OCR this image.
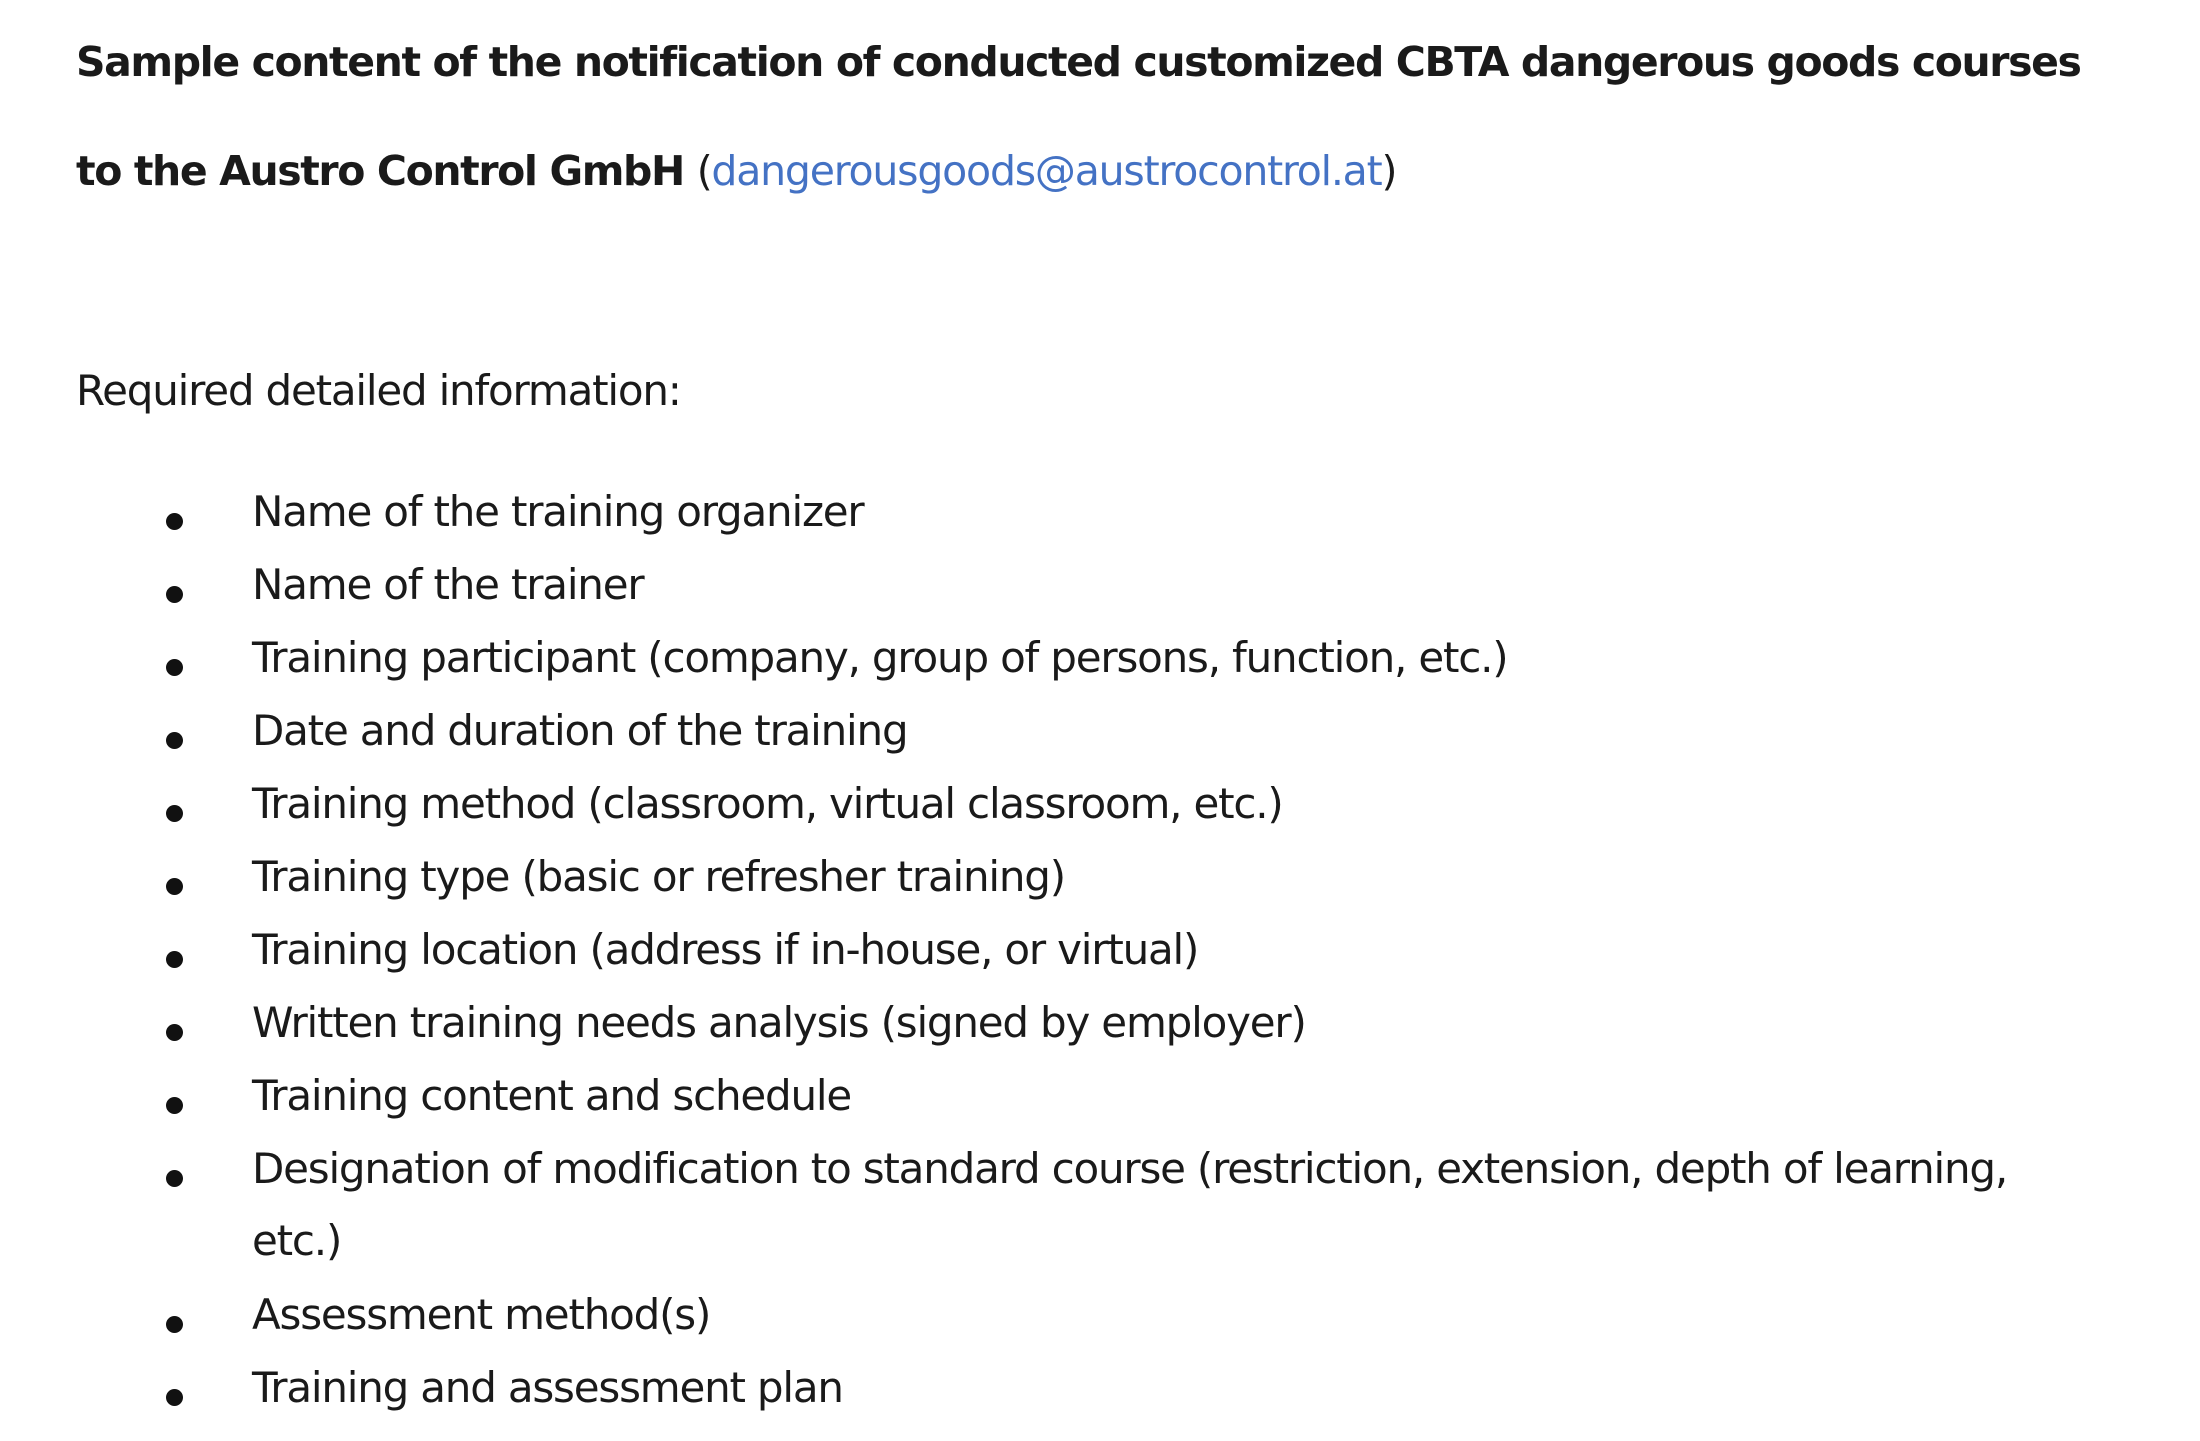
Sample content of the notification of conducted customized CBTA dangerous goods courses
to the Austro Control GmbH (dangerousgoods@austrocontrol.at)

Required detailed information:

Name of the training organizer
Name of the trainer
Training participant (company, group of persons, function, etc.)
Date and duration of the training
Training method (classroom, virtual classroom, etc.)
Training type (basic or refresher training)
Training location (address if in-house, or virtual)
Written training needs analysis (signed by employer)
Training content and schedule
Designation of modification to standard course (restriction, extension, depth of learning,
etc.)
Assessment method(s)
Training and assessment plan
